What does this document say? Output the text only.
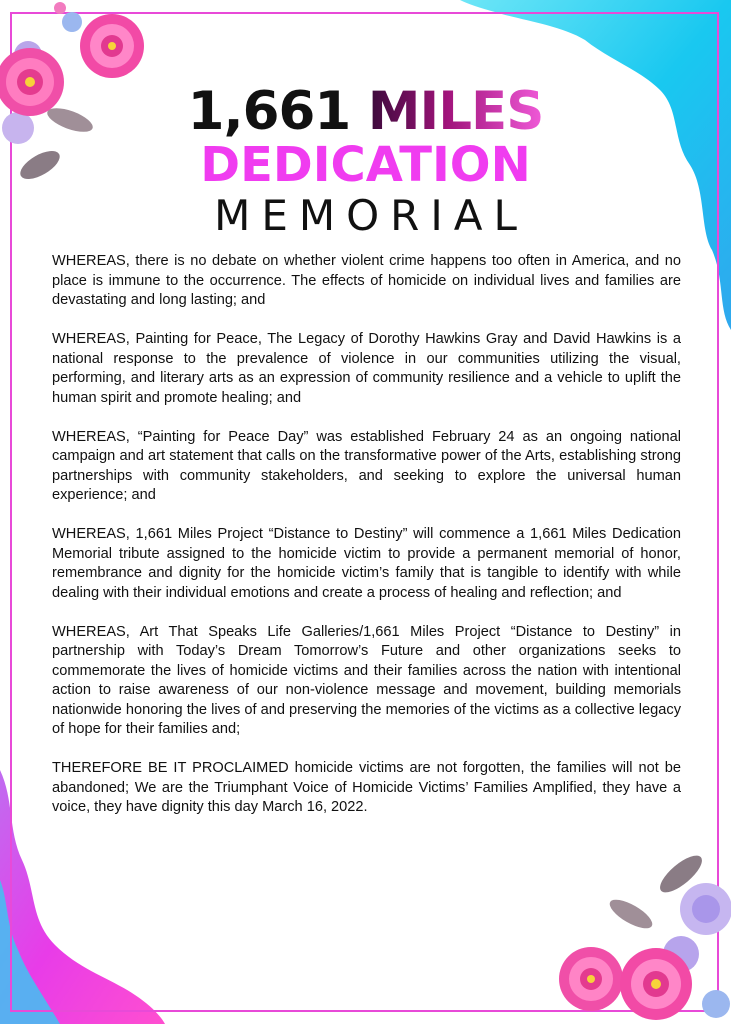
1,661 MILES
DEDICATION
MEMORIAL

WHEREAS, there is no debate on whether violent crime happens too often in America, and no place is immune to the occurrence. The effects of homicide on individual lives and families are devastating and long lasting; and

WHEREAS, Painting for Peace, The Legacy of Dorothy Hawkins Gray and David Hawkins is a national response to the prevalence of violence in our communities utilizing the visual, performing, and literary arts as an expression of community resilience and a vehicle to uplift the human spirit and promote healing; and

WHEREAS, “Painting for Peace Day” was established February 24 as an ongoing national campaign and art statement that calls on the transformative power of the Arts, establishing strong partnerships with community stakeholders, and seeking to explore the universal human experience; and

WHEREAS, 1,661 Miles Project “Distance to Destiny” will commence a 1,661 Miles Dedication Memorial tribute assigned to the homicide victim to provide a permanent memorial of honor, remembrance and dignity for the homicide victim’s family that is tangible to identify with while dealing with their individual emotions and create a process of healing and reflection; and

WHEREAS, Art That Speaks Life Galleries/1,661 Miles Project “Distance to Destiny” in partnership with Today’s Dream Tomorrow’s Future and other organizations seeks to commemorate the lives of homicide victims and their families across the nation with intentional action to raise awareness of our non-violence message and movement, building memorials nationwide honoring the lives of and preserving the memories of the victims as a collective legacy of hope for their families and;

THEREFORE BE IT PROCLAIMED homicide victims are not forgotten, the families will not be abandoned; We are the Triumphant Voice of Homicide Victims’ Families Amplified, they have a voice, they have dignity this day March 16, 2022.
